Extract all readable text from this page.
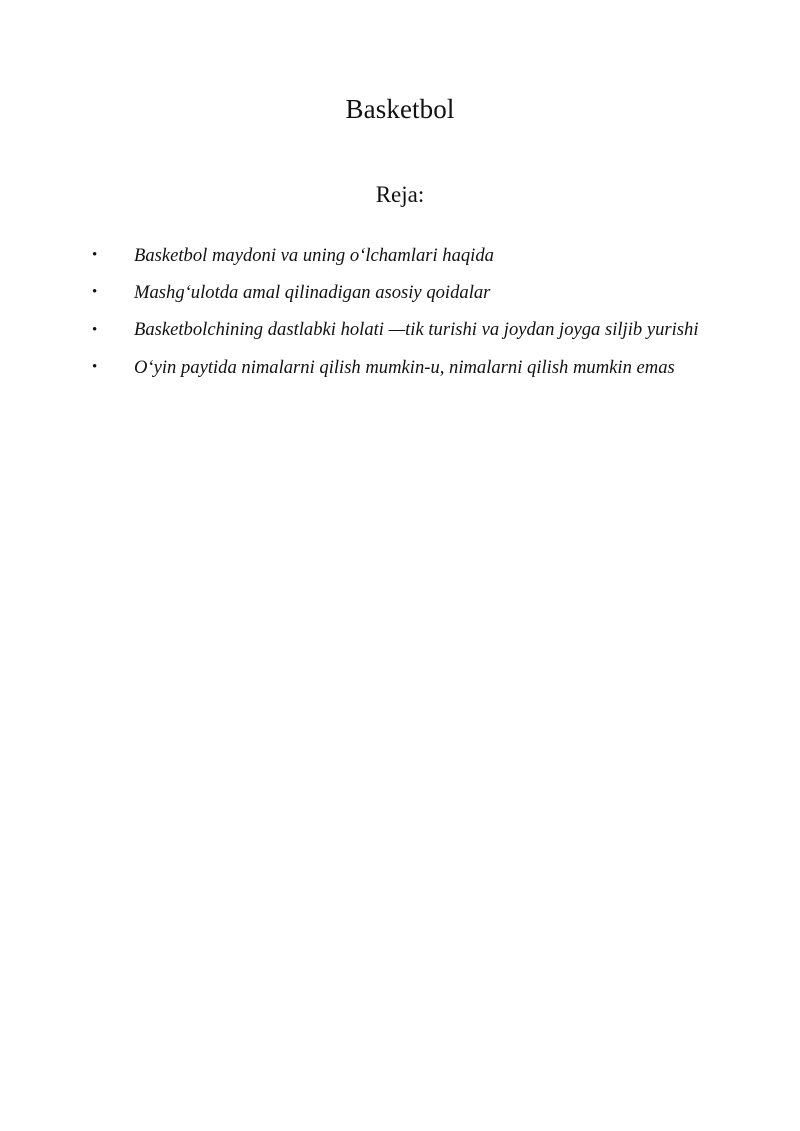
Basketbol
Reja:

• Basketbol maydoni va uning oʻlchamlari haqida

• Mashgʻulotda amal qilinadigan asosiy qoidalar

• Basketbolchining dastlabki holati —tik turishi va joydan joyga siljib yurishi

• Oʻyin paytida nimalarni qilish mumkin-u, nimalarni qilish mumkin emas
